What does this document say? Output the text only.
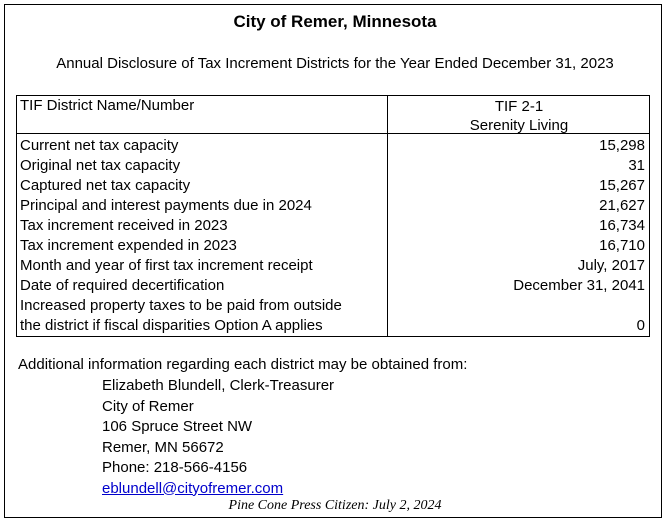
City of Remer, Minnesota
Annual Disclosure of Tax Increment Districts for the Year Ended December 31, 2023
TIF District Name/Number	TIF 2-1
Serenity Living
Current net tax capacity	15,298
Original net tax capacity	31
Captured net tax capacity	15,267
Principal and interest payments due in 2024	21,627
Tax increment received in 2023	16,734
Tax increment expended in 2023	16,710
Month and year of first tax increment receipt	July, 2017
Date of required decertification	December 31, 2041
Increased property taxes to be paid from outside
the district if fiscal disparities Option A applies	0
Additional information regarding each district may be obtained from:
Elizabeth Blundell, Clerk-Treasurer
City of Remer
106 Spruce Street NW
Remer, MN 56672
Phone: 218-566-4156
eblundell@cityofremer.com
Pine Cone Press Citizen: July 2, 2024
